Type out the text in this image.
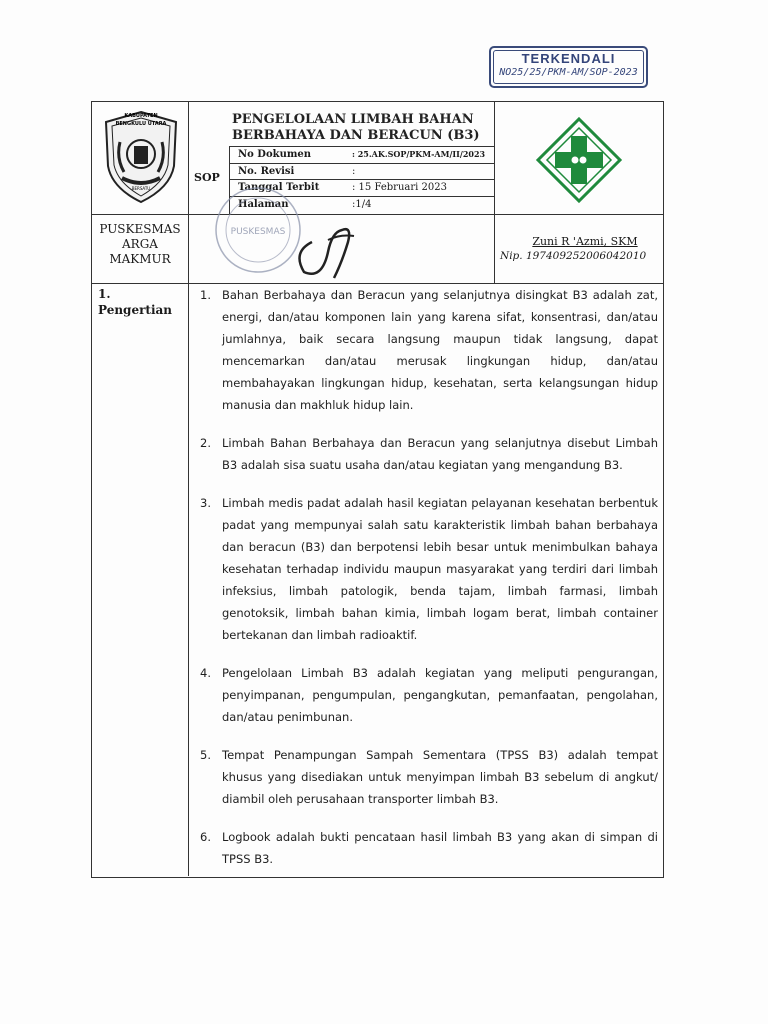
TERKENDALI
NO25/25/PKM-AM/SOP-2023
KABUPATEN
BENGKULU UTARA
BERSATU
PENGELOLAAN LIMBAH BAHAN BERBAHAYA DAN BERACUN (B3)
SOP
No Dokumen	: 25.AK.SOP/PKM-AM/II/2023
No. Revisi	:
Tanggal Terbit	: 15 Februari 2023
Halaman	:1/4
PUSKESMAS ARGA MAKMUR
PUSKESMAS
Zuni R 'Azmi, SKM
Nip. 197409252006042010
1. Pengertian
1. Bahan Berbahaya dan Beracun yang selanjutnya disingkat B3 adalah zat, energi, dan/atau komponen lain yang karena sifat, konsentrasi, dan/atau jumlahnya, baik secara langsung maupun tidak langsung, dapat mencemarkan dan/atau merusak lingkungan hidup, dan/atau membahayakan lingkungan hidup, kesehatan, serta kelangsungan hidup manusia dan makhluk hidup lain.
2. Limbah Bahan Berbahaya dan Beracun yang selanjutnya disebut Limbah B3 adalah sisa suatu usaha dan/atau kegiatan yang mengandung B3.
3. Limbah medis padat adalah hasil kegiatan pelayanan kesehatan berbentuk padat yang mempunyai salah satu karakteristik limbah bahan berbahaya dan beracun (B3) dan berpotensi lebih besar untuk menimbulkan bahaya kesehatan terhadap individu maupun masyarakat yang terdiri dari limbah infeksius, limbah patologik, benda tajam, limbah farmasi, limbah genotoksik, limbah bahan kimia, limbah logam berat, limbah container bertekanan dan limbah radioaktif.
4. Pengelolaan Limbah B3 adalah kegiatan yang meliputi pengurangan, penyimpanan, pengumpulan, pengangkutan, pemanfaatan, pengolahan, dan/atau penimbunan.
5. Tempat Penampungan Sampah Sementara (TPSS B3) adalah tempat khusus yang disediakan untuk menyimpan limbah B3 sebelum di angkut/ diambil oleh perusahaan transporter limbah B3.
6. Logbook adalah bukti pencataan hasil limbah B3 yang akan di simpan di TPSS B3.
